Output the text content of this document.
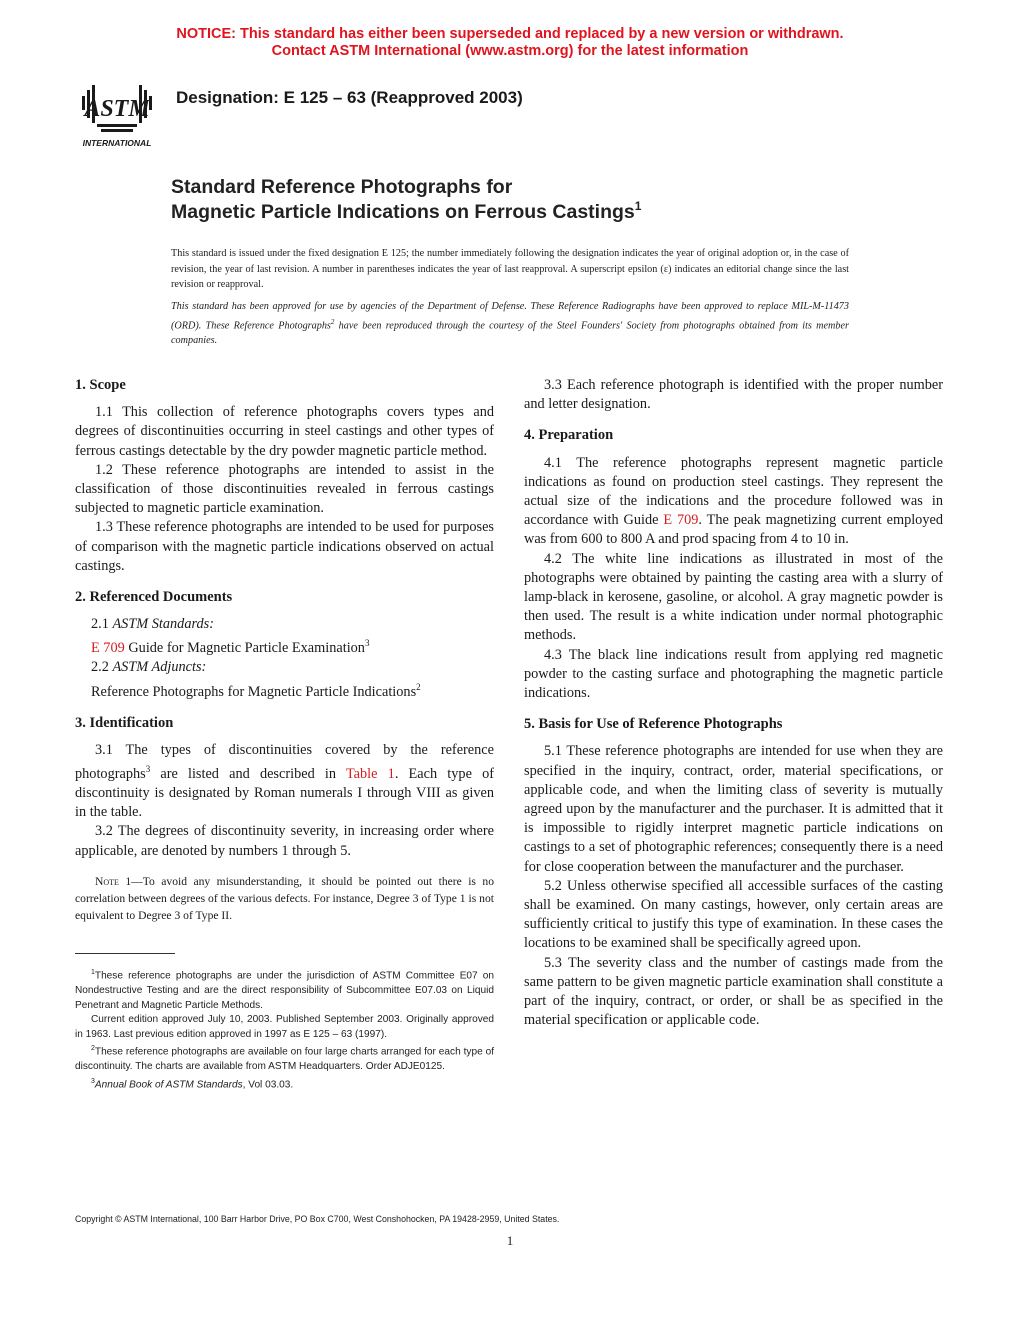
NOTICE: This standard has either been superseded and replaced by a new version or withdrawn.
Contact ASTM International (www.astm.org) for the latest information
ASTM
INTERNATIONAL
Designation: E 125 – 63 (Reapproved 2003)
Standard Reference Photographs for
Magnetic Particle Indications on Ferrous Castings$^1$
This standard is issued under the fixed designation E 125; the number immediately following the designation indicates the year of original adoption or, in the case of revision, the year of last revision. A number in parentheses indicates the year of last reapproval. A superscript epsilon (ε) indicates an editorial change since the last revision or reapproval.
This standard has been approved for use by agencies of the Department of Defense. These Reference Radiographs have been approved to replace MIL-M-11473 (ORD). These Reference Photographs$^2$ have been reproduced through the courtesy of the Steel Founders' Society from photographs obtained from its member companies.
1. Scope

1.1 This collection of reference photographs covers types and degrees of discontinuities occurring in steel castings and other types of ferrous castings detectable by the dry powder magnetic particle method.

1.2 These reference photographs are intended to assist in the classification of those discontinuities revealed in ferrous castings subjected to magnetic particle examination.

1.3 These reference photographs are intended to be used for purposes of comparison with the magnetic particle indications observed on actual castings.

2. Referenced Documents
2.1 ASTM Standards:
E 709 Guide for Magnetic Particle Examination$^3$
2.2 ASTM Adjuncts:
Reference Photographs for Magnetic Particle Indications$^2$
3. Identification

3.1 The types of discontinuities covered by the reference photographs$^3$ are listed and described in Table 1. Each type of discontinuity is designated by Roman numerals I through VIII as given in the table.

3.2 The degrees of discontinuity severity, in increasing order where applicable, are denoted by numbers 1 through 5.

Note 1—To avoid any misunderstanding, it should be pointed out there is no correlation between degrees of the various defects. For instance, Degree 3 of Type 1 is not equivalent to Degree 3 of Type II.

$^1$These reference photographs are under the jurisdiction of ASTM Committee E07 on Nondestructive Testing and are the direct responsibility of Subcommittee E07.03 on Liquid Penetrant and Magnetic Particle Methods.

Current edition approved July 10, 2003. Published September 2003. Originally approved in 1963. Last previous edition approved in 1997 as E 125 – 63 (1997).

$^2$These reference photographs are available on four large charts arranged for each type of discontinuity. The charts are available from ASTM Headquarters. Order ADJE0125.

$^3$Annual Book of ASTM Standards, Vol 03.03.

3.3 Each reference photograph is identified with the proper number and letter designation.

4. Preparation

4.1 The reference photographs represent magnetic particle indications as found on production steel castings. They represent the actual size of the indications and the procedure followed was in accordance with Guide E 709. The peak magnetizing current employed was from 600 to 800 A and prod spacing from 4 to 10 in.

4.2 The white line indications as illustrated in most of the photographs were obtained by painting the casting area with a slurry of lamp-black in kerosene, gasoline, or alcohol. A gray magnetic powder is then used. The result is a white indication under normal photographic methods.

4.3 The black line indications result from applying red magnetic powder to the casting surface and photographing the magnetic particle indications.

5. Basis for Use of Reference Photographs

5.1 These reference photographs are intended for use when they are specified in the inquiry, contract, order, material specifications, or applicable code, and when the limiting class of severity is mutually agreed upon by the manufacturer and the purchaser. It is admitted that it is impossible to rigidly interpret magnetic particle indications on castings to a set of photographic references; consequently there is a need for close cooperation between the manufacturer and the purchaser.

5.2 Unless otherwise specified all accessible surfaces of the casting shall be examined. On many castings, however, only certain areas are sufficiently critical to justify this type of examination. In these cases the locations to be examined shall be specifically agreed upon.

5.3 The severity class and the number of castings made from the same pattern to be given magnetic particle examination shall constitute a part of the inquiry, contract, or order, or shall be as specified in the material specification or applicable code.

Copyright © ASTM International, 100 Barr Harbor Drive, PO Box C700, West Conshohocken, PA 19428-2959, United States.
1
